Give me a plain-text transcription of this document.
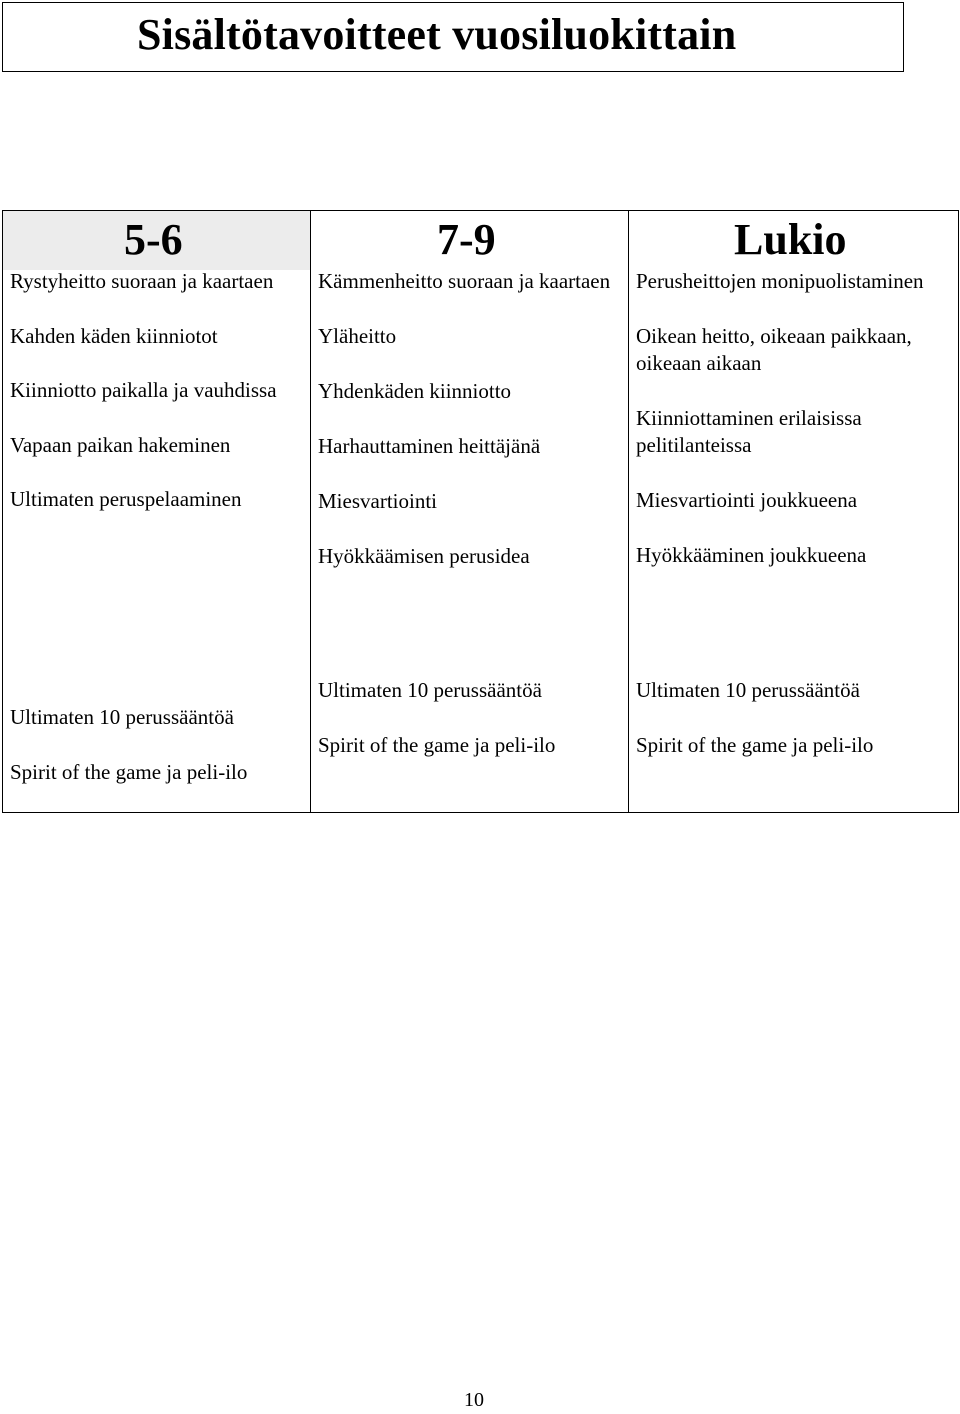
Sisältötavoitteet vuosiluokittain
5-6	7-9	Lukio

Rystyheitto suoraan ja kaartaen

Kahden käden kiinniotot

Kiinniotto paikalla ja vauhdissa

Vapaan paikan hakeminen

Ultimaten peruspelaaminen

Kämmenheitto suoraan ja kaartaen

Yläheitto

Yhdenkäden kiinniotto

Harhauttaminen heittäjänä

Miesvartiointi

Hyökkäämisen perusidea

Perusheittojen monipuolistaminen

Oikean heitto, oikeaan paikkaan, oikeaan aikaan

Kiinniottaminen erilaisissa pelitilanteissa

Miesvartiointi joukkueena

Hyökkääminen joukkueena

Ultimaten 10 perussääntöä

Spirit of the game ja peli-ilo

Ultimaten 10 perussääntöä

Spirit of the game ja peli-ilo

Ultimaten 10 perussääntöä

Spirit of the game ja peli-ilo

10
